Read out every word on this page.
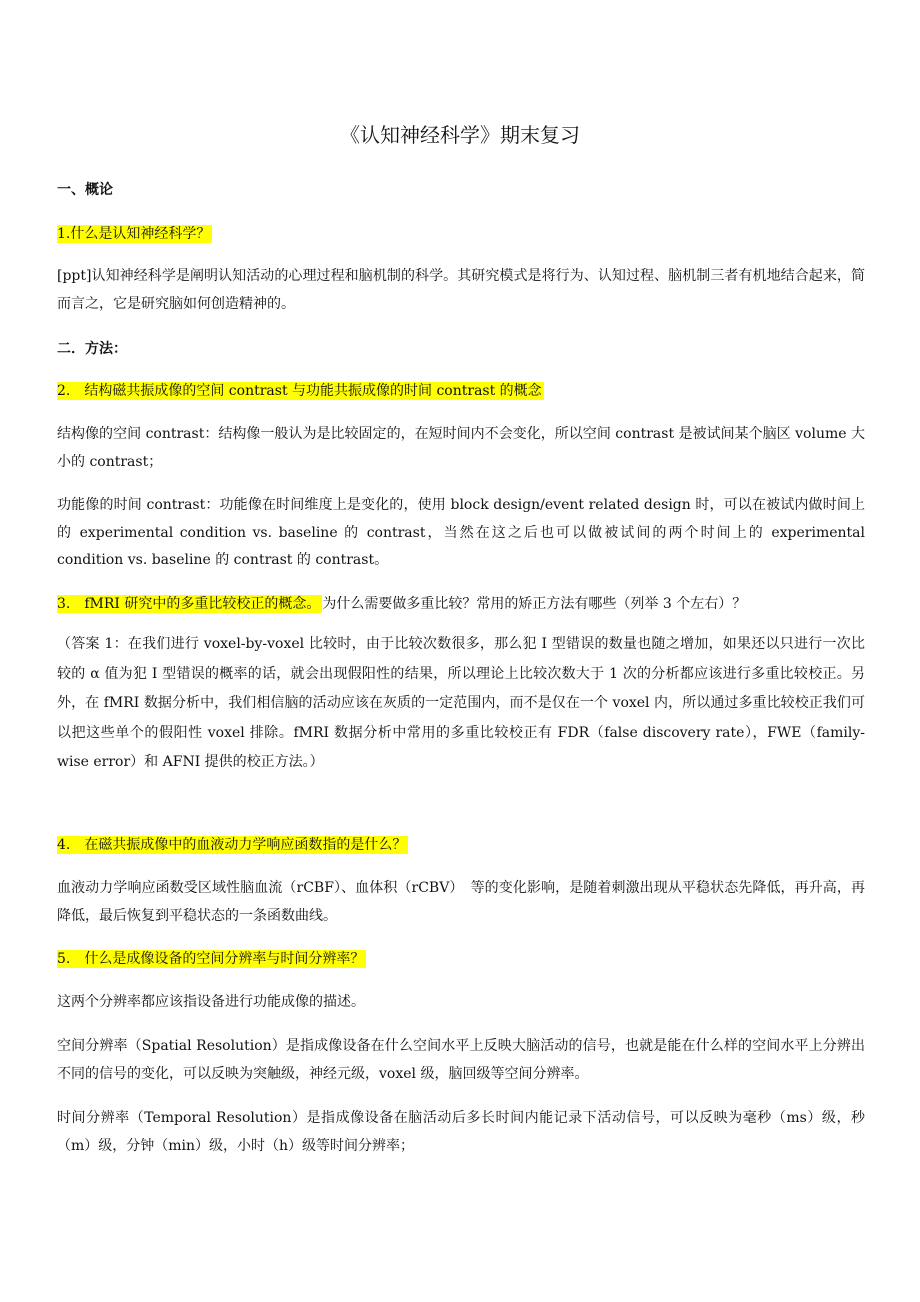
《认知神经科学》期末复习
一、概论
1.什么是认知神经科学？
[ppt]认知神经科学是阐明认知活动的心理过程和脑机制的科学。其研究模式是将行为、认知过程、脑机制三者有机地结合起来，简而言之，它是研究脑如何创造精神的。
二．方法：
2.　结构磁共振成像的空间 contrast 与功能共振成像的时间 contrast 的概念
结构像的空间 contrast：结构像一般认为是比较固定的，在短时间内不会变化，所以空间 contrast 是被试间某个脑区 volume 大小的 contrast；
功能像的时间 contrast：功能像在时间维度上是变化的，使用 block design/event related design 时，可以在被试内做时间上的 experimental condition vs. baseline 的 contrast，当然在这之后也可以做被试间的两个时间上的 experimental condition vs. baseline 的 contrast 的 contrast。
3.　fMRI 研究中的多重比较校正的概念。 为什么需要做多重比较？常用的矫正方法有哪些（列举 3 个左右）？
（答案 1：在我们进行 voxel-by-voxel 比较时，由于比较次数很多，那么犯 I 型错误的数量也随之增加，如果还以只进行一次比较的 α 值为犯 I 型错误的概率的话，就会出现假阳性的结果，所以理论上比较次数大于 1 次的分析都应该进行多重比较校正。另外，在 fMRI 数据分析中，我们相信脑的活动应该在灰质的一定范围内，而不是仅在一个 voxel 内，所以通过多重比较校正我们可以把这些单个的假阳性 voxel 排除。fMRI 数据分析中常用的多重比较校正有 FDR（false discovery rate），FWE（family-wise error）和 AFNI 提供的校正方法。）
4.　在磁共振成像中的血液动力学响应函数指的是什么？
血液动力学响应函数受区域性脑血流（rCBF）、血体积（rCBV）　等的变化影响，是随着刺激出现从平稳状态先降低，再升高，再降低，最后恢复到平稳状态的一条函数曲线。
5.　什么是成像设备的空间分辨率与时间分辨率？
这两个分辨率都应该指设备进行功能成像的描述。
空间分辨率（Spatial Resolution）是指成像设备在什么空间水平上反映大脑活动的信号，也就是能在什么样的空间水平上分辨出不同的信号的变化，可以反映为突触级，神经元级，voxel 级，脑回级等空间分辨率。
时间分辨率（Temporal Resolution）是指成像设备在脑活动后多长时间内能记录下活动信号，可以反映为毫秒（ms）级，秒（m）级，分钟（min）级，小时（h）级等时间分辨率；
